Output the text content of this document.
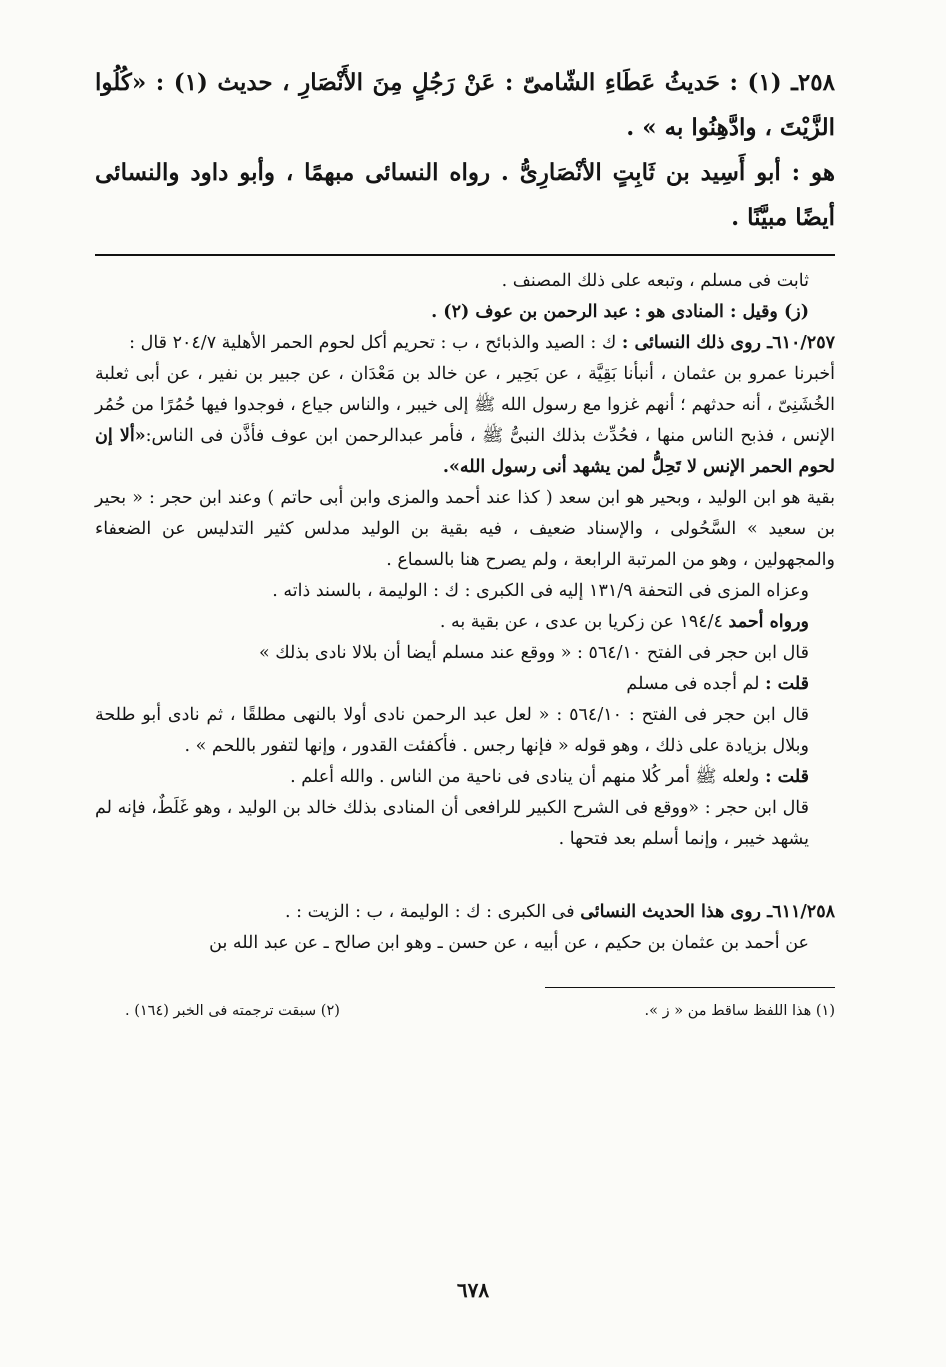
٢٥٨ـ (١) : حَديثُ عَطَاءِ الشّامىّ : عَنْ رَجُلٍ مِنَ الأَنْصَارِ ، حديث (١) : «كُلُوا الزَّيْتَ ، وادَّهِنُوا به » .

هو : أبو أَسِيد بن ثَابِتٍ الأنْصَارِىُّ . رواه النسائى مبهمًا ، وأبو داود والنسائى أيضًا مبيَّنًا .

ثابت فى مسلم ، وتبعه على ذلك المصنف .

(ز) وقيل : المنادى هو : عبد الرحمن بن عوف (٢) .

٦١٠/٢٥٧ـ روى ذلك النسائى : ك : الصيد والذبائح ، ب : تحريم أكل لحوم الحمر الأهلية ٢٠٤/٧ قال :

أخبرنا عمرو بن عثمان ، أنبأنا بَقِيَّة ، عن بَحِير ، عن خالد بن مَعْدَان ، عن جبير بن نفير ، عن أبى ثعلبة الخُشَنِىّ ، أنه حدثهم ؛ أنهم غزوا مع رسول الله ﷺ إلى خيبر ، والناس جياع ، فوجدوا فيها حُمُرًا من حُمُر الإنس ، فذبح الناس منها ، فحُدِّث بذلك النبىُّ ﷺ ، فأمر عبدالرحمن ابن عوف فأذَّن فى الناس:«ألا إن لحوم الحمر الإنس لا تَحِلُّ لمن يشهد أنى رسول الله».

بقية هو ابن الوليد ، وبحير هو ابن سعد ( كذا عند أحمد والمزى وابن أبى حاتم ) وعند ابن حجر : « بحير بن سعيد » السَّحُولى ، والإسناد ضعيف ، فيه بقية بن الوليد مدلس كثير التدليس عن الضعفاء والمجهولين ، وهو من المرتبة الرابعة ، ولم يصرح هنا بالسماع .

وعزاه المزى فى التحفة ١٣١/٩ إليه فى الكبرى : ك : الوليمة ، بالسند ذاته .

ورواه أحمد ١٩٤/٤ عن زكريا بن عدى ، عن بقية به .

قال ابن حجر فى الفتح ٥٦٤/١٠ : « ووقع عند مسلم أيضا أن بلالا نادى بذلك »

قلت : لم أجده فى مسلم

قال ابن حجر فى الفتح : ٥٦٤/١٠ : « لعل عبد الرحمن نادى أولا بالنهى مطلقًا ، ثم نادى أبو طلحة وبلال بزيادة على ذلك ، وهو قوله « فإنها رجس . فأكفئت القدور ، وإنها لتفور باللحم » .

قلت : ولعله ﷺ أمر كُلا منهم أن ينادى فى ناحية من الناس . والله أعلم .

قال ابن حجر : «ووقع فى الشرح الكبير للرافعى أن المنادى بذلك خالد بن الوليد ، وهو غَلَطٌ، فإنه لم يشهد خيبر ، وإنما أسلم بعد فتحها .

٦١١/٢٥٨ـ روى هذا الحديث النسائى فى الكبرى : ك : الوليمة ، ب : الزيت : .

عن أحمد بن عثمان بن حكيم ، عن أبيه ، عن حسن ـ وهو ابن صالح ـ عن عبد الله بن

(١) هذا اللفظ ساقط من « ز ».
(٢) سبقت ترجمته فى الخبر (١٦٤) .
٦٧٨
